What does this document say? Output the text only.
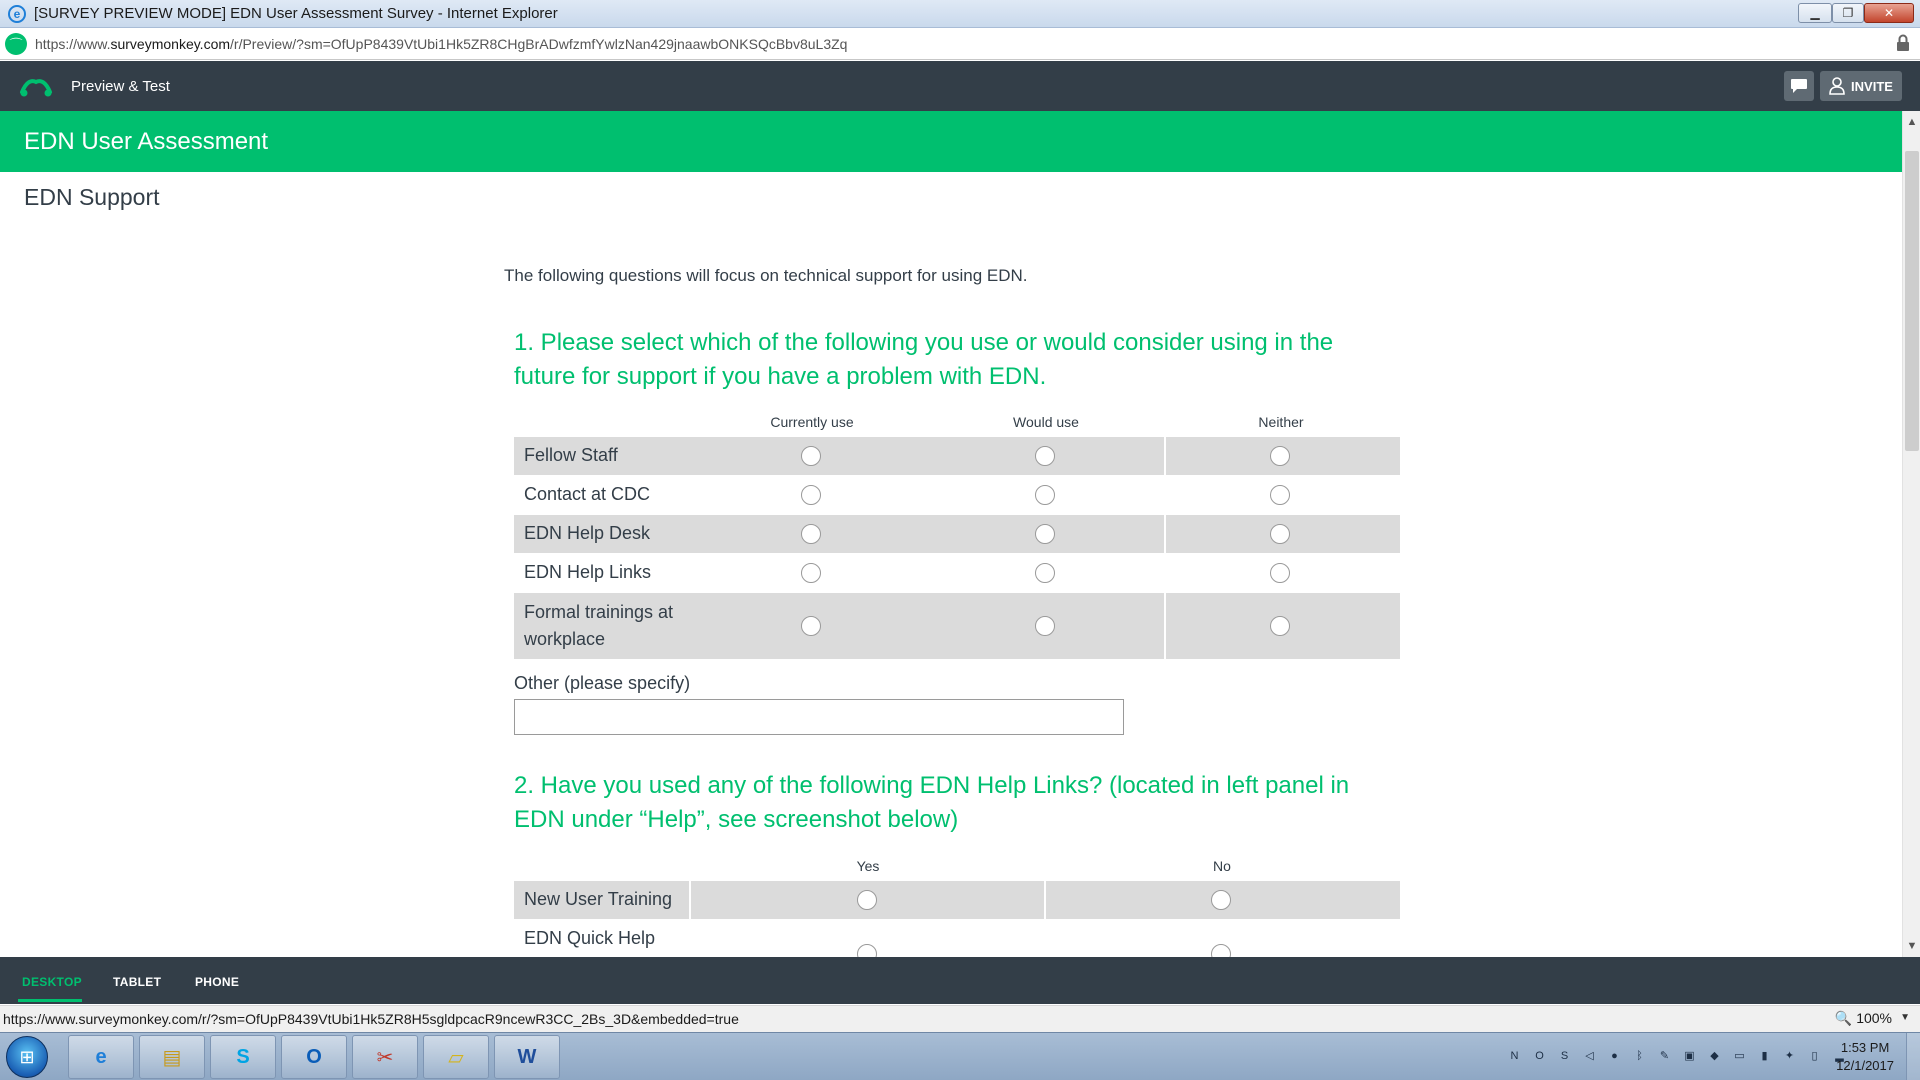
e [SURVEY PREVIEW MODE] EDN User Assessment Survey - Internet Explorer	▁	❐	✕
⌒ https://www.surveymonkey.com/r/Preview/?sm=OfUpP8439VtUbi1Hk5ZR8CHgBrADwfzmfYwlzNan429jnaawbONKSQcBbv8uL3Zq
Preview & Test	INVITE
EDN User Assessment
EDN Support
The following questions will focus on technical support for using EDN.
1. Please select which of the following you use or would consider using in the future for support if you have a problem with EDN.
Currently use	Would use	Neither
Fellow Staff
Contact at CDC
EDN Help Desk
EDN Help Links
Formal trainings at workplace
Other (please specify)
2. Have you used any of the following EDN Help Links? (located in left panel in EDN under “Help”, see screenshot below)
Yes	No
New User Training
EDN Quick Help
▲
▼
DESKTOP	TABLET	PHONE
https://www.surveymonkey.com/r/?sm=OfUpP8439VtUbi1Hk5ZR8H5sgldpcacR9ncewR3CC_2Bs_3D&embedded=true	🔍 100% ▼
⊞	e	▤	S	O	✂	▱	W	N	O	S	◁	●	ᛒ	✎	▣	◆	▭	▮	✦	▯	▂
1:53 PM
12/1/2017
